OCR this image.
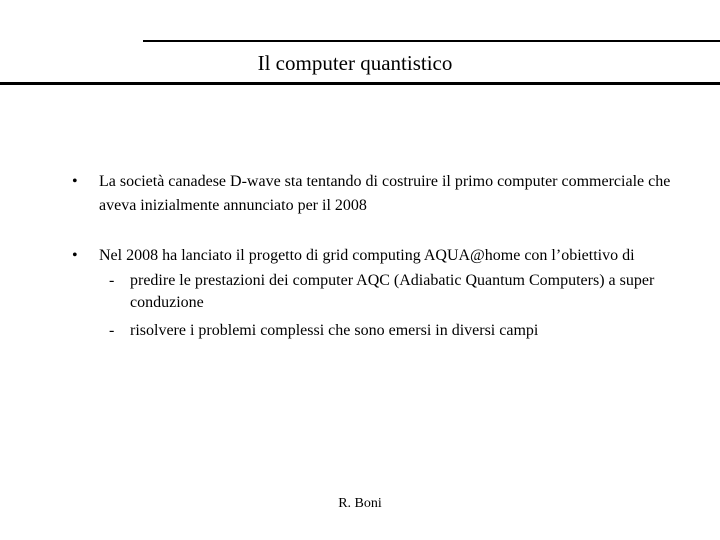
Il computer quantistico
• La società canadese D-wave sta tentando di costruire il primo computer commerciale che aveva inizialmente annunciato per il 2008
• Nel 2008 ha lanciato il progetto di grid computing AQUA@home con l’obiettivo di
- predire le prestazioni dei computer AQC (Adiabatic Quantum Computers) a super conduzione
- risolvere i problemi complessi che sono emersi in diversi campi
R. Boni
